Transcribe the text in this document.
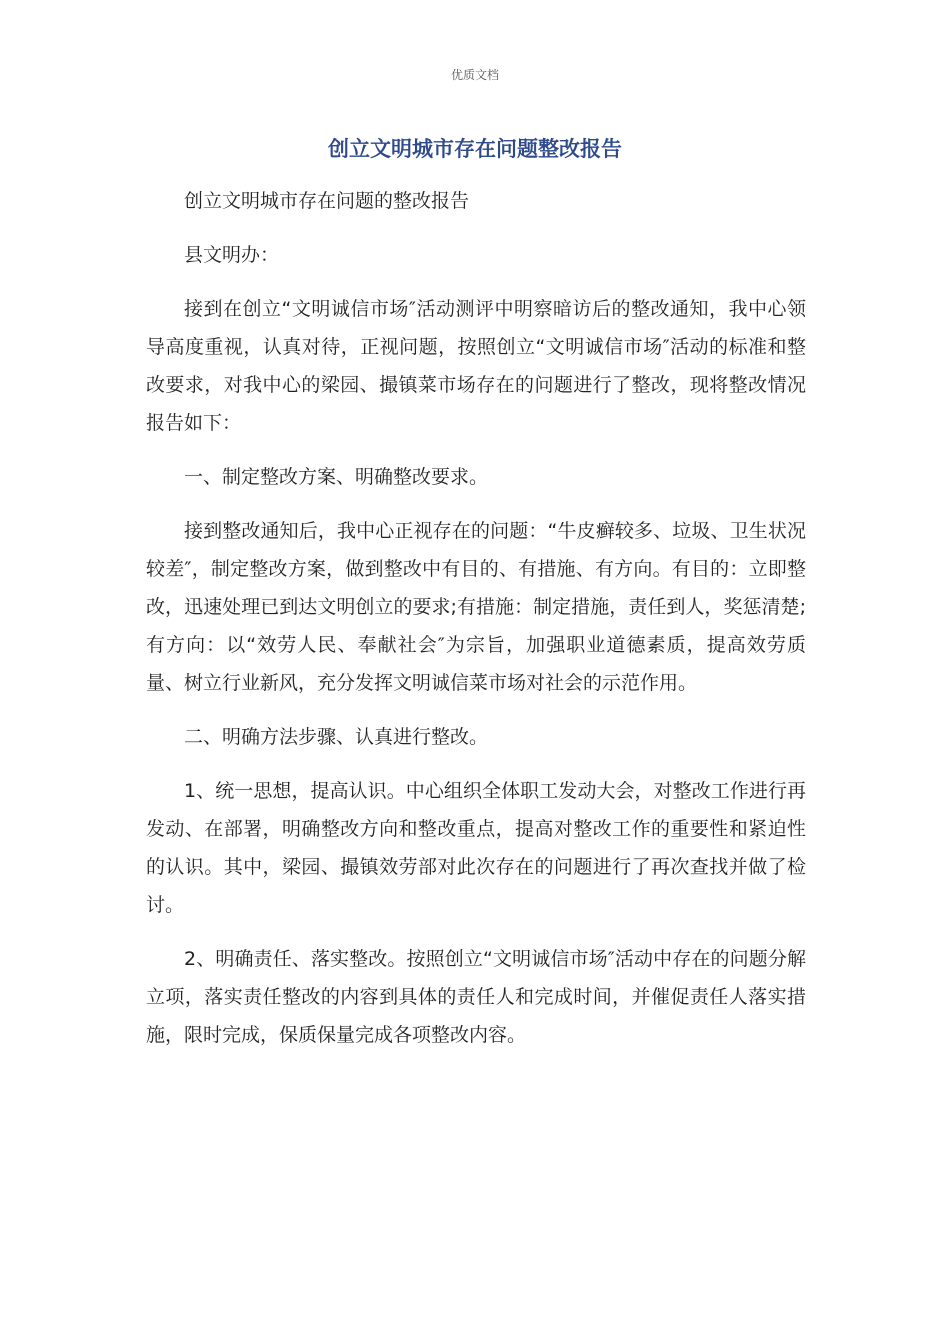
优质文档
创立文明城市存在问题整改报告

创立文明城市存在问题的整改报告

县文明办：

接到在创立“文明诚信市场″活动测评中明察暗访后的整改通知，我中心领导高度重视，认真对待，正视问题，按照创立“文明诚信市场″活动的标准和整改要求，对我中心的梁园、撮镇菜市场存在的问题进行了整改，现将整改情况报告如下：

一、制定整改方案、明确整改要求。

接到整改通知后，我中心正视存在的问题：“牛皮癣较多、垃圾、卫生状况较差″，制定整改方案，做到整改中有目的、有措施、有方向。有目的：立即整改，迅速处理已到达文明创立的要求;有措施：制定措施，责任到人，奖惩清楚;有方向：以“效劳人民、奉献社会″为宗旨，加强职业道德素质，提高效劳质量、树立行业新风，充分发挥文明诚信菜市场对社会的示范作用。

二、明确方法步骤、认真进行整改。

1、统一思想，提高认识。中心组织全体职工发动大会，对整改工作进行再发动、在部署，明确整改方向和整改重点，提高对整改工作的重要性和紧迫性的认识。其中，梁园、撮镇效劳部对此次存在的问题进行了再次查找并做了检讨。

2、明确责任、落实整改。按照创立“文明诚信市场″活动中存在的问题分解立项，落实责任整改的内容到具体的责任人和完成时间，并催促责任人落实措施，限时完成，保质保量完成各项整改内容。
